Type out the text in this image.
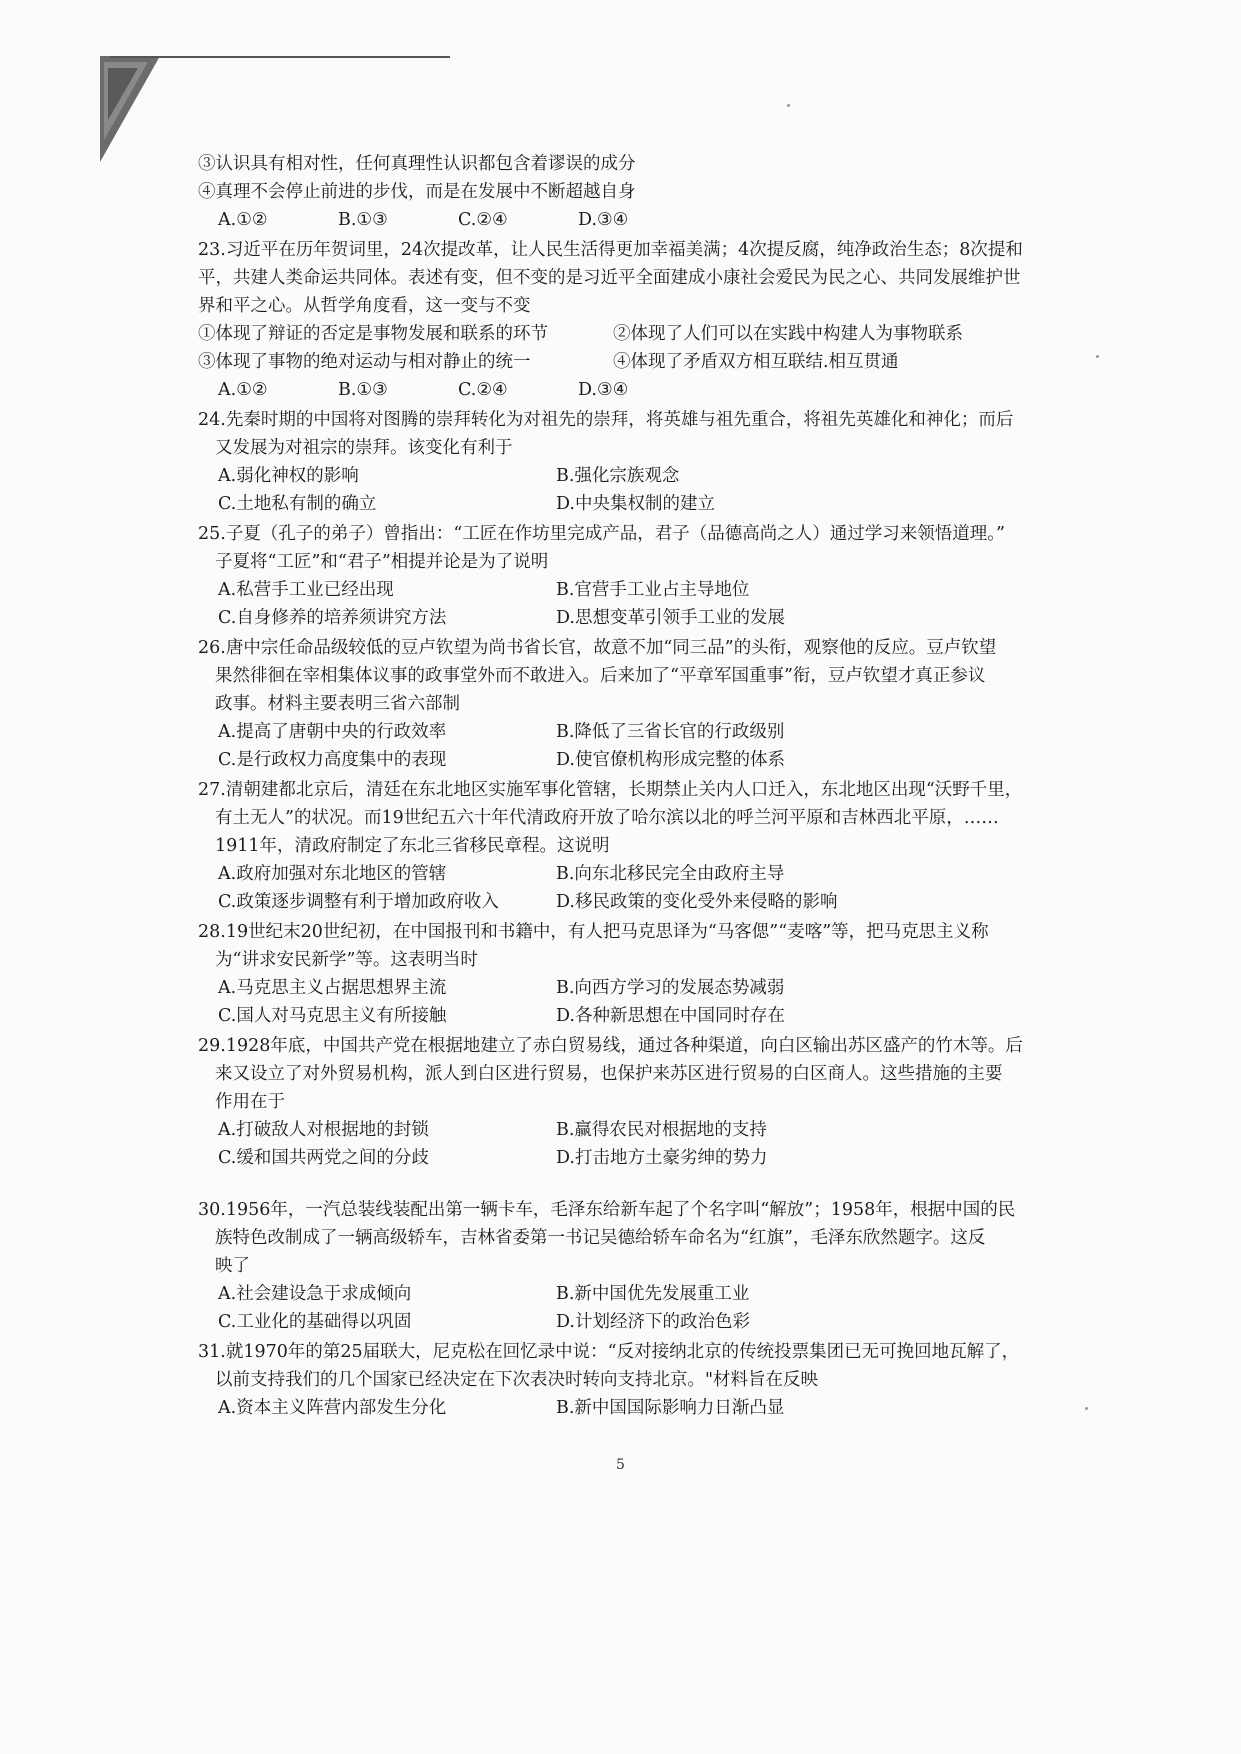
③认识具有相对性，任何真理性认识都包含着谬误的成分
④真理不会停止前进的步伐，而是在发展中不断超越自身
A.①②	B.①③	C.②④	D.③④
23.习近平在历年贺词里，24次提改革，让人民生活得更加幸福美满；4次提反腐，纯净政治生态；8次提和
平，共建人类命运共同体。表述有变，但不变的是习近平全面建成小康社会爱民为民之心、共同发展维护世
界和平之心。从哲学角度看，这一变与不变
①体现了辩证的否定是事物发展和联系的环节	②体现了人们可以在实践中构建人为事物联系
③体现了事物的绝对运动与相对静止的统一	④体现了矛盾双方相互联结.相互贯通
A.①②	B.①③	C.②④	D.③④
24.先秦时期的中国将对图腾的崇拜转化为对祖先的崇拜，将英雄与祖先重合，将祖先英雄化和神化；而后
又发展为对祖宗的崇拜。该变化有利于
A.弱化神权的影响	B.强化宗族观念
C.土地私有制的确立	D.中央集权制的建立
25.子夏（孔子的弟子）曾指出：“工匠在作坊里完成产品，君子（品德高尚之人）通过学习来领悟道理。”
子夏将“工匠”和“君子”相提并论是为了说明
A.私营手工业已经出现	B.官营手工业占主导地位
C.自身修养的培养须讲究方法	D.思想变革引领手工业的发展
26.唐中宗任命品级较低的豆卢钦望为尚书省长官，故意不加“同三品”的头衔，观察他的反应。豆卢钦望
果然徘徊在宰相集体议事的政事堂外而不敢进入。后来加了“平章军国重事”衔，豆卢钦望才真正参议
政事。材料主要表明三省六部制
A.提高了唐朝中央的行政效率	B.降低了三省长官的行政级别
C.是行政权力高度集中的表现	D.使官僚机构形成完整的体系
27.清朝建都北京后，清廷在东北地区实施军事化管辖，长期禁止关内人口迁入，东北地区出现“沃野千里，
有土无人”的状况。而19世纪五六十年代清政府开放了哈尔滨以北的呼兰河平原和吉林西北平原，……
1911年，清政府制定了东北三省移民章程。这说明
A.政府加强对东北地区的管辖	B.向东北移民完全由政府主导
C.政策逐步调整有利于增加政府收入	D.移民政策的变化受外来侵略的影响
28.19世纪末20世纪初，在中国报刊和书籍中，有人把马克思译为“马客偲”“麦喀”等，把马克思主义称
为“讲求安民新学”等。这表明当时
A.马克思主义占据思想界主流	B.向西方学习的发展态势减弱
C.国人对马克思主义有所接触	D.各种新思想在中国同时存在
29.1928年底，中国共产党在根据地建立了赤白贸易线，通过各种渠道，向白区输出苏区盛产的竹木等。后
来又设立了对外贸易机构，派人到白区进行贸易，也保护来苏区进行贸易的白区商人。这些措施的主要
作用在于
A.打破敌人对根据地的封锁	B.赢得农民对根据地的支持
C.缓和国共两党之间的分歧	D.打击地方土豪劣绅的势力
30.1956年，一汽总装线装配出第一辆卡车，毛泽东给新车起了个名字叫“解放”；1958年，根据中国的民
族特色改制成了一辆高级轿车，吉林省委第一书记吴德给轿车命名为“红旗”，毛泽东欣然题字。这反
映了
A.社会建设急于求成倾向	B.新中国优先发展重工业
C.工业化的基础得以巩固	D.计划经济下的政治色彩
31.就1970年的第25届联大，尼克松在回忆录中说：“反对接纳北京的传统投票集团已无可挽回地瓦解了，
以前支持我们的几个国家已经决定在下次表决时转向支持北京。"材料旨在反映
A.资本主义阵营内部发生分化	B.新中国国际影响力日渐凸显
5
